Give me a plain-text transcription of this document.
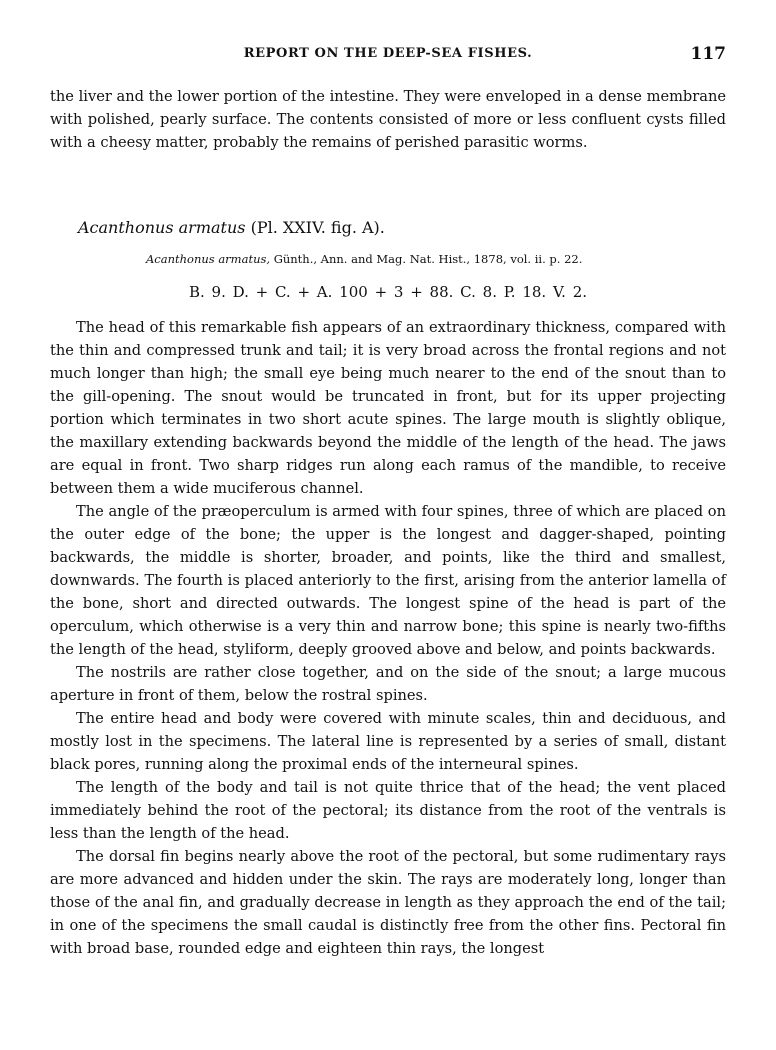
REPORT ON THE DEEP-SEA FISHES.	117
the liver and the lower portion of the intestine. They were enveloped in a dense membrane with polished, pearly surface. The contents consisted of more or less confluent cysts filled with a cheesy matter, probably the remains of perished parasitic worms.
Acanthonus armatus (Pl. XXIV. fig. A).
Acanthonus armatus, Günth., Ann. and Mag. Nat. Hist., 1878, vol. ii. p. 22.
B. 9. D. + C. + A. 100 + 3 + 88. C. 8. P. 18. V. 2.

The head of this remarkable fish appears of an extraordinary thickness, compared with the thin and compressed trunk and tail; it is very broad across the frontal regions and not much longer than high; the small eye being much nearer to the end of the snout than to the gill-opening. The snout would be truncated in front, but for its upper projecting portion which terminates in two short acute spines. The large mouth is slightly oblique, the maxillary extending backwards beyond the middle of the length of the head. The jaws are equal in front. Two sharp ridges run along each ramus of the mandible, to receive between them a wide muciferous channel.

The angle of the præoperculum is armed with four spines, three of which are placed on the outer edge of the bone; the upper is the longest and dagger-shaped, pointing backwards, the middle is shorter, broader, and points, like the third and smallest, downwards. The fourth is placed anteriorly to the first, arising from the anterior lamella of the bone, short and directed outwards. The longest spine of the head is part of the operculum, which otherwise is a very thin and narrow bone; this spine is nearly two-fifths the length of the head, styliform, deeply grooved above and below, and points backwards.

The nostrils are rather close together, and on the side of the snout; a large mucous aperture in front of them, below the rostral spines.

The entire head and body were covered with minute scales, thin and deciduous, and mostly lost in the specimens. The lateral line is represented by a series of small, distant black pores, running along the proximal ends of the interneural spines.

The length of the body and tail is not quite thrice that of the head; the vent placed immediately behind the root of the pectoral; its distance from the root of the ventrals is less than the length of the head.

The dorsal fin begins nearly above the root of the pectoral, but some rudimentary rays are more advanced and hidden under the skin. The rays are moderately long, longer than those of the anal fin, and gradually decrease in length as they approach the end of the tail; in one of the specimens the small caudal is distinctly free from the other fins. Pectoral fin with broad base, rounded edge and eighteen thin rays, the longest
